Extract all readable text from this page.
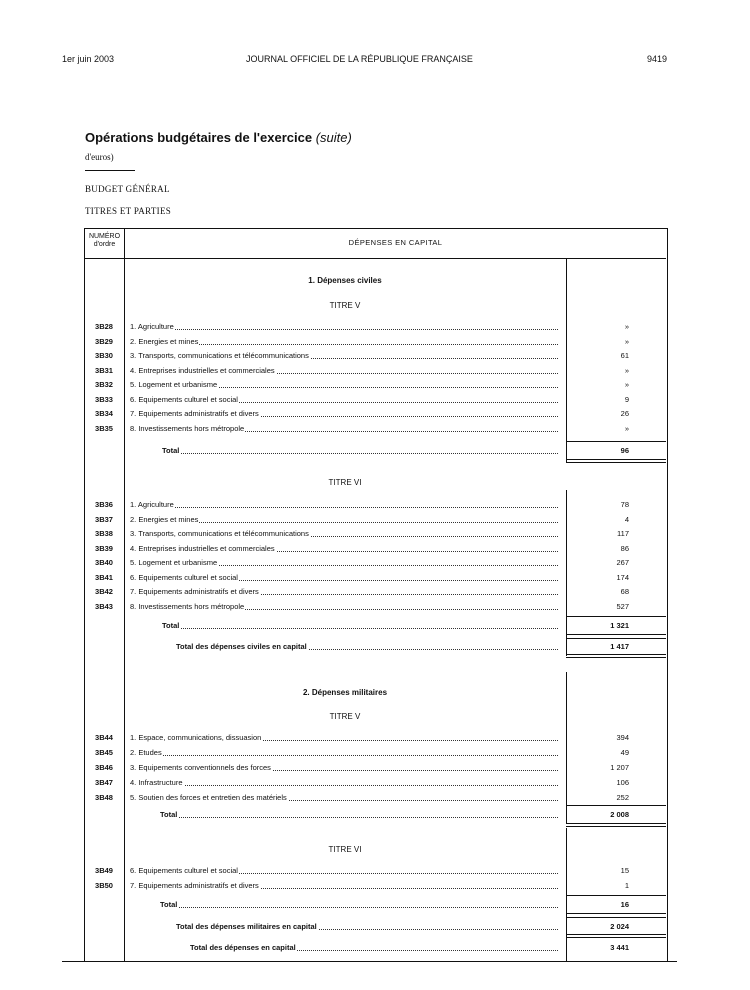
1er juin 2003	JOURNAL OFFICIEL DE LA RÉPUBLIQUE FRANÇAISE	9419
Opérations budgétaires de l'exercice (suite)
d'euros)
BUDGET GÉNÉRAL
TITRES ET PARTIES
NUMÉRO d'ordre	DÉPENSES EN CAPITAL
1. Dépenses civiles
TITRE V
3B28	1. Agriculture	»
3B29	2. Energies et mines	»
3B30	3. Transports, communications et télécommunications	61
3B31	4. Entreprises industrielles et commerciales	»
3B32	5. Logement et urbanisme	»
3B33	6. Equipements culturel et social	9
3B34	7. Equipements administratifs et divers	26
3B35	8. Investissements hors métropole	»
Total	96
TITRE VI
3B36	1. Agriculture	78
3B37	2. Energies et mines	4
3B38	3. Transports, communications et télécommunications	117
3B39	4. Entreprises industrielles et commerciales	86
3B40	5. Logement et urbanisme	267
3B41	6. Equipements culturel et social	174
3B42	7. Equipements administratifs et divers	68
3B43	8. Investissements hors métropole	527
Total	1 321
Total des dépenses civiles en capital	1 417
2. Dépenses militaires
TITRE V
3B44	1. Espace, communications, dissuasion	394
3B45	2. Etudes	49
3B46	3. Equipements conventionnels des forces	1 207
3B47	4. Infrastructure	106
3B48	5. Soutien des forces et entretien des matériels	252
Total	2 008
TITRE VI
3B49	6. Equipements culturel et social	15
3B50	7. Equipements administratifs et divers	1
Total	16
Total des dépenses militaires en capital	2 024
Total des dépenses en capital	3 441
